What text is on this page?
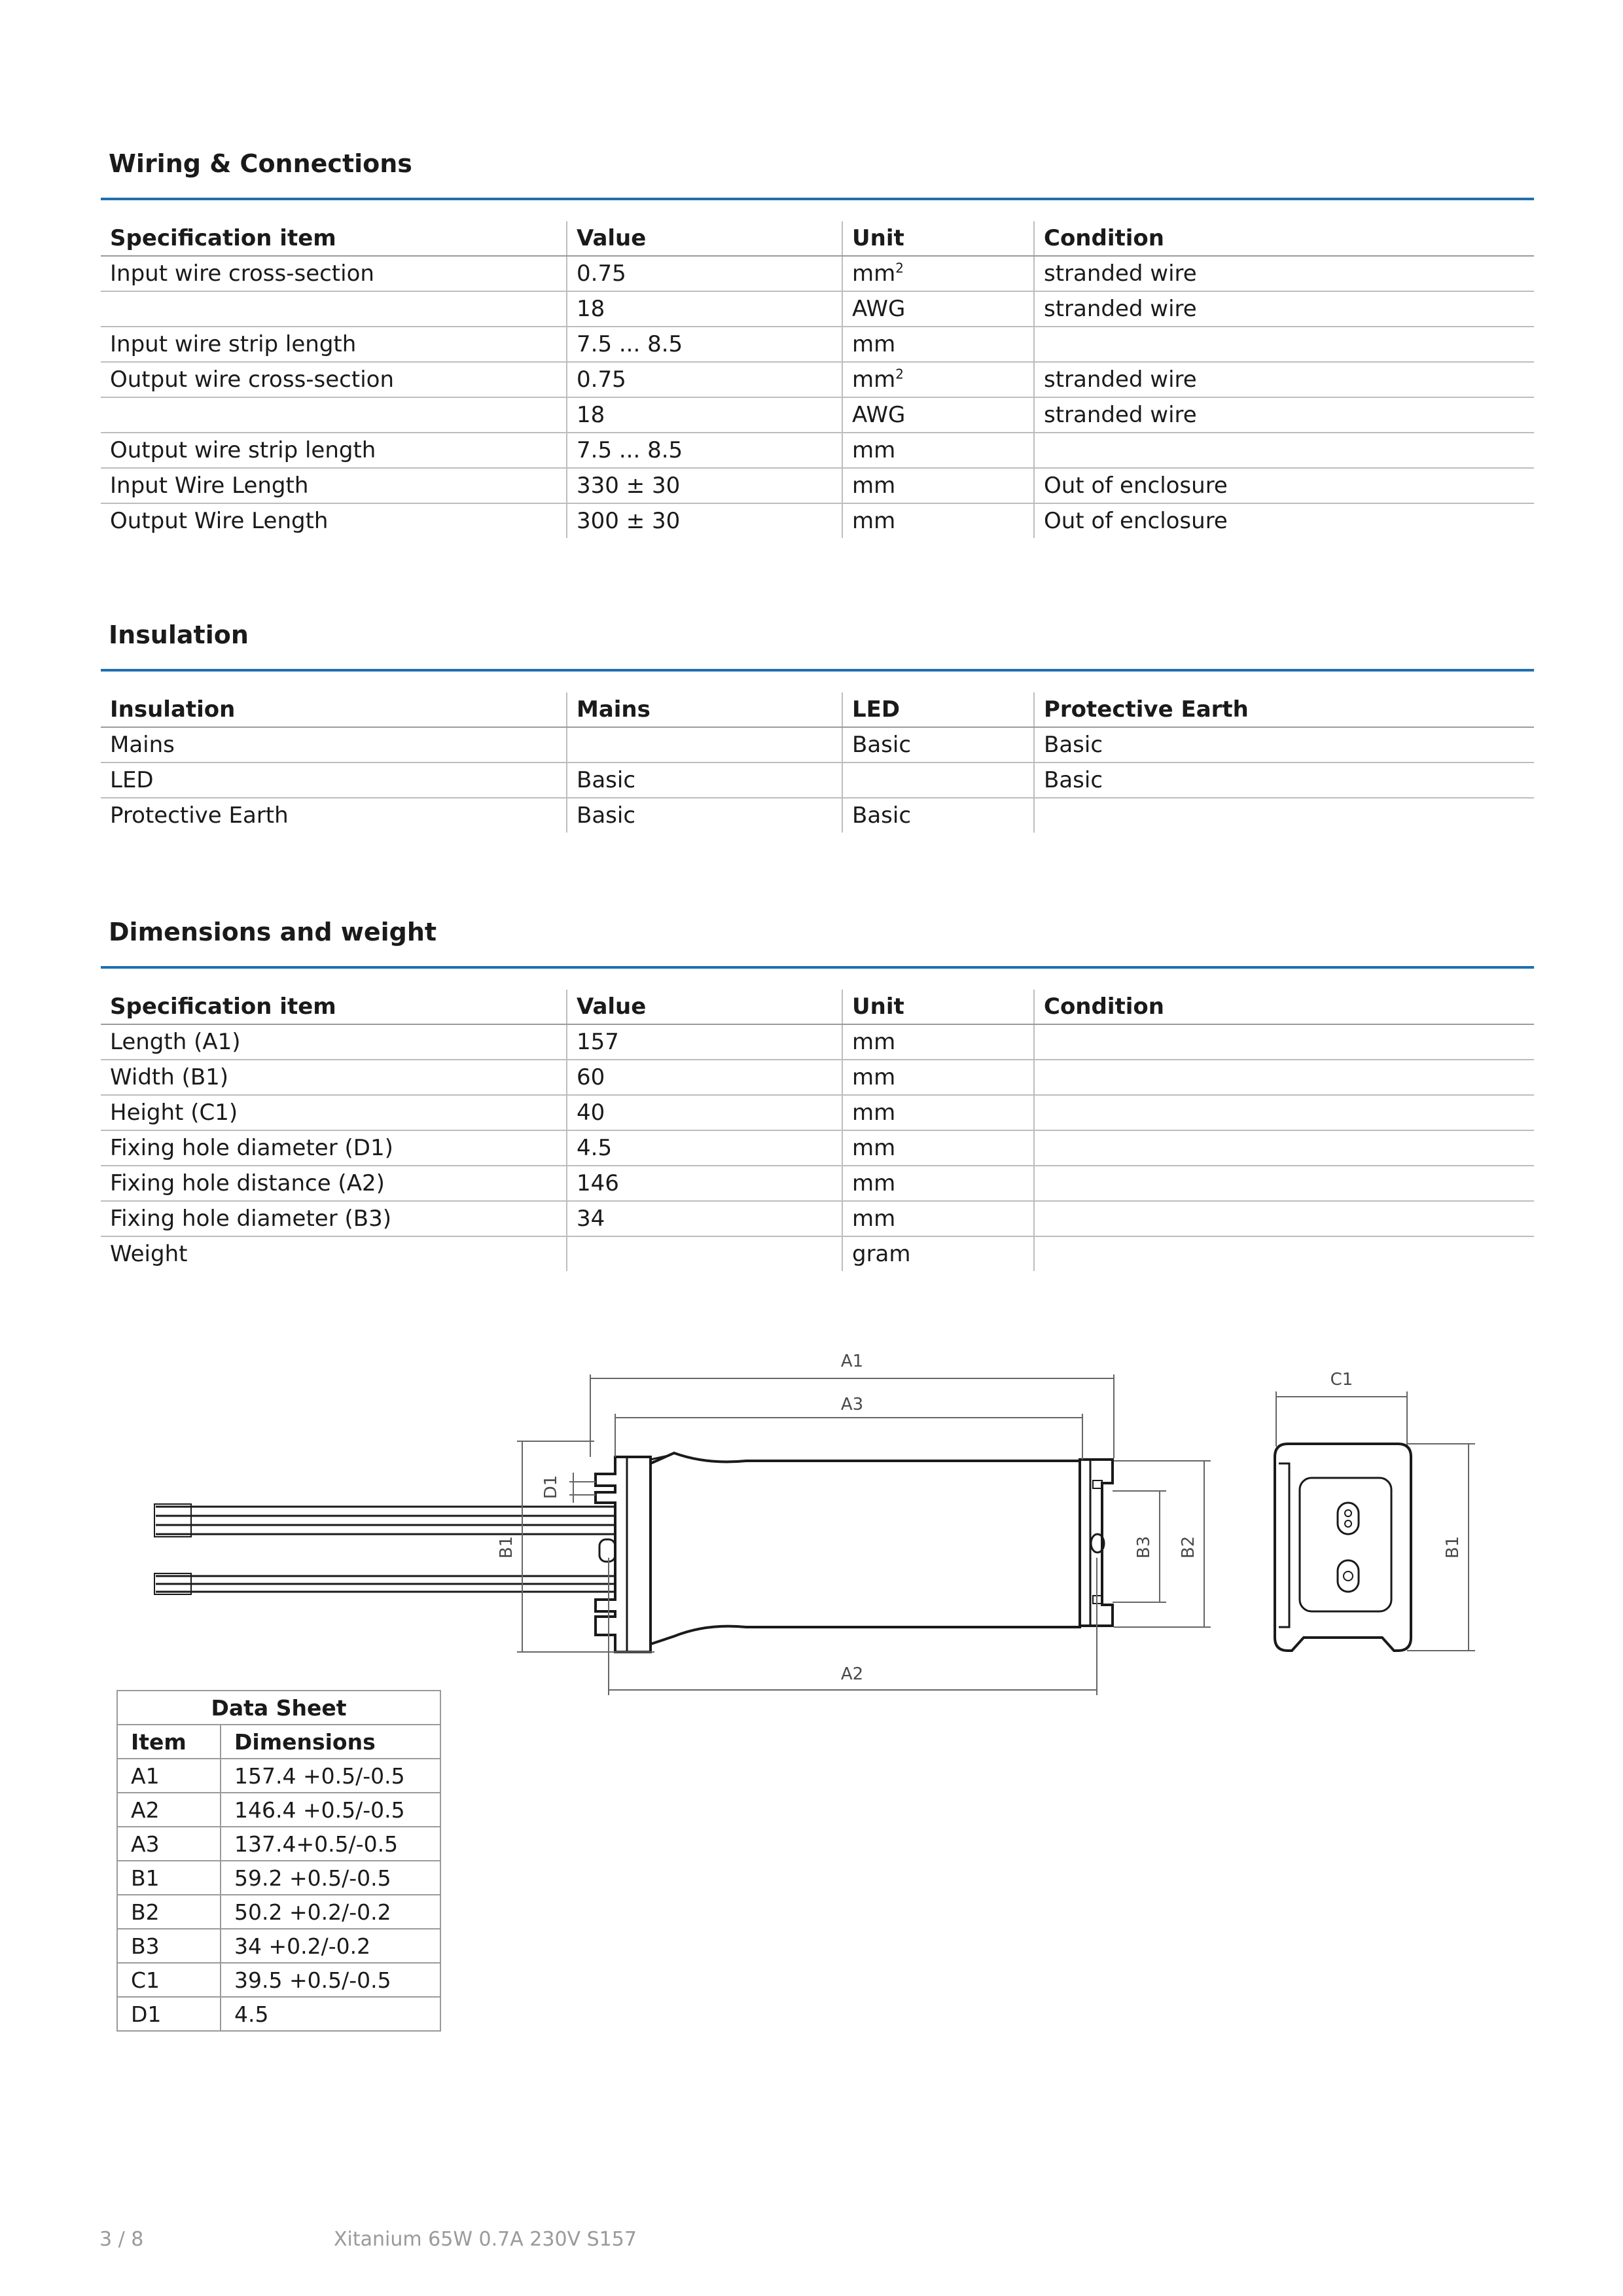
Wiring & Connections
Specification item	Value	Unit	Condition
Input wire cross-section	0.75	$mm^2$	stranded wire
	18	AWG	stranded wire
Input wire strip length	7.5 ... 8.5	mm	
Output wire cross-section	0.75	$mm^2$	stranded wire
	18	AWG	stranded wire
Output wire strip length	7.5 ... 8.5	mm	
Input Wire Length	330 ± 30	mm	Out of enclosure
Output Wire Length	300 ± 30	mm	Out of enclosure
Insulation
Insulation	Mains	LED	Protective Earth
Mains		Basic	Basic
LED	Basic		Basic
Protective Earth	Basic	Basic	
Dimensions and weight
Specification item	Value	Unit	Condition
Length (A1)	157	mm	
Width (B1)	60	mm	
Height (C1)	40	mm	
Fixing hole diameter (D1)	4.5	mm	
Fixing hole distance (A2)	146	mm	
Fixing hole diameter (B3)	34	mm	
Weight		gram	
A1
A3
A2
C1
B1
D1
B3 B2	B1
Data Sheet	
Item	Dimensions
A1	157.4 +0.5/-0.5
A2	146.4 +0.5/-0.5
A3	137.4+0.5/-0.5
B1	59.2 +0.5/-0.5
B2	50.2 +0.2/-0.2
B3	34 +0.2/-0.2
C1	39.5 +0.5/-0.5
D1	4.5
3 / 8	Xitanium 65W 0.7A 230V S157
